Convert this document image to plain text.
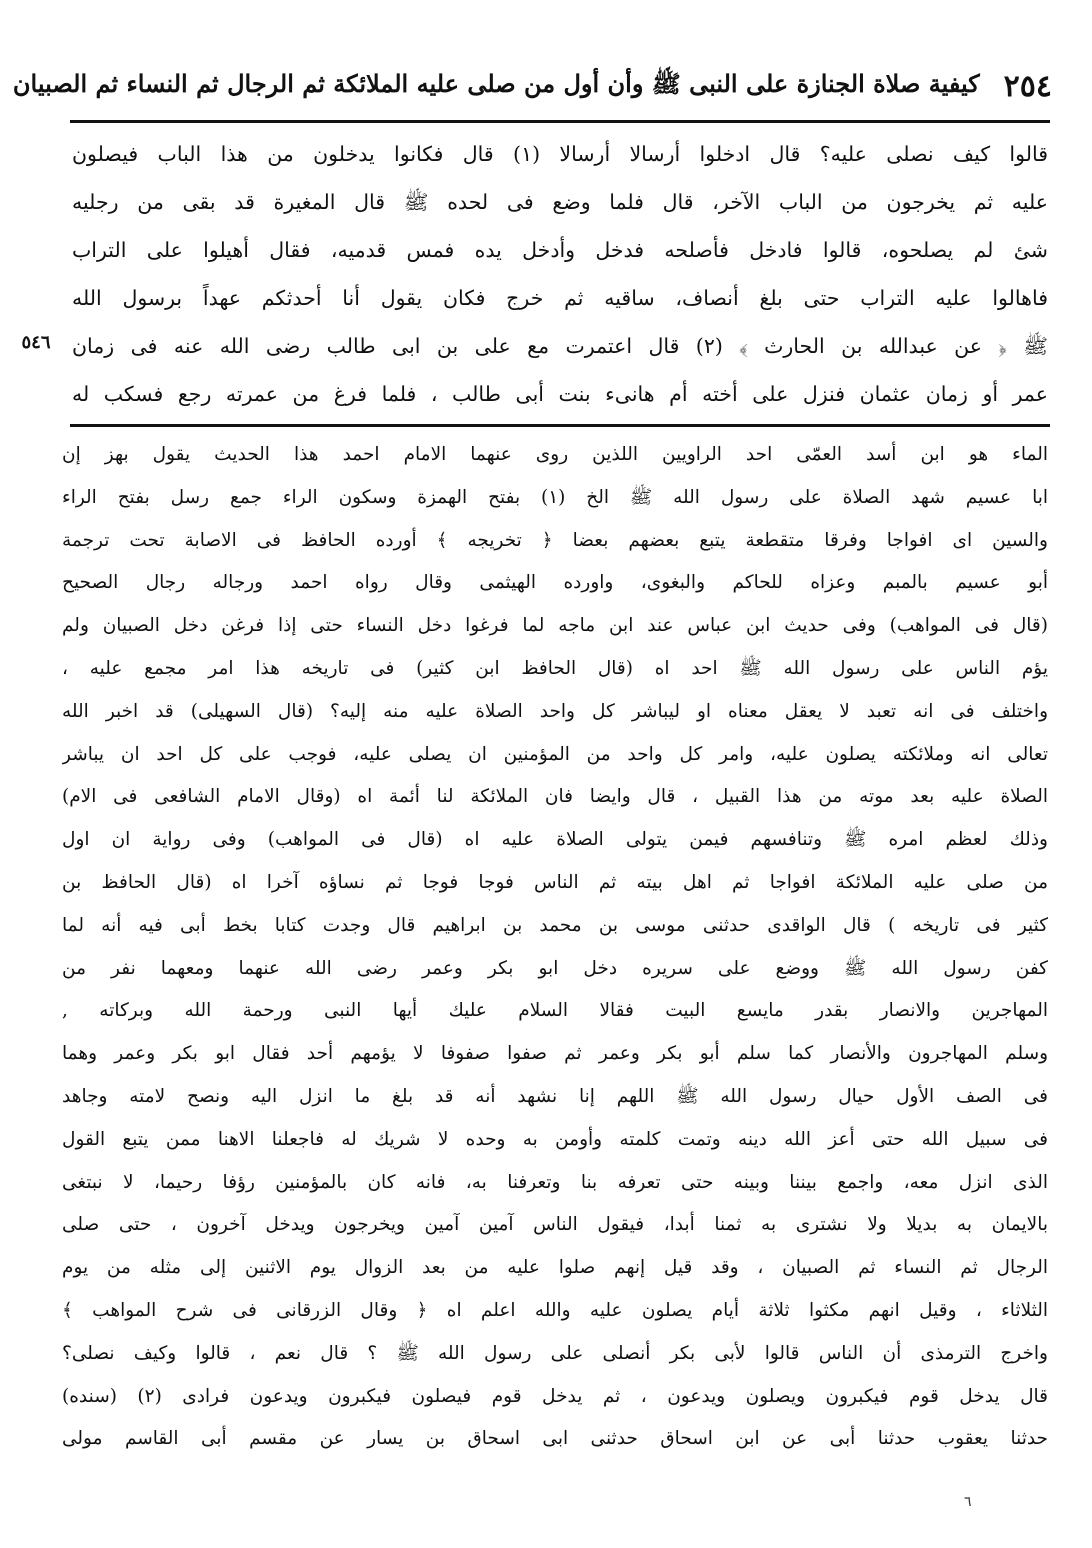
٢٥٤
كيفية صلاة الجنازة على النبى ﷺ وأن أول من صلى عليه الملائكة ثم الرجال ثم النساء ثم الصبيان
٥٤٦
قالوا كيف نصلى عليه؟ قال ادخلوا أرسالا أرسالا (١) قال فكانوا يدخلون من هذا الباب فيصلون
عليه ثم يخرجون من الباب الآخر، قال فلما وضع فى لحده ﷺ قال المغيرة قد بقى من رجليه
شئ لم يصلحوه، قالوا فادخل فأصلحه فدخل وأدخل يده فمس قدميه، فقال أهيلوا على التراب
فاهالوا عليه التراب حتى بلغ أنصاف، ساقيه ثم خرج فكان يقول أنا أحدثكم عهداً برسول الله
ﷺ ﴿ عن عبدالله بن الحارث ﴾ (٢) قال اعتمرت مع على بن ابى طالب رضى الله عنه فى زمان
عمر أو زمان عثمان فنزل على أخته أم هانىء بنت أبى طالب ، فلما فرغ من عمرته رجع فسكب له
الماء هو ابن أسد العمّى احد الراويين اللذين روى عنهما الامام احمد هذا الحديث يقول بهز إن
ابا عسيم شهد الصلاة على رسول الله ﷺ الخ (١) بفتح الهمزة وسكون الراء جمع رسل بفتح الراء
والسين اى افواجا وفرقا متقطعة يتبع بعضهم بعضا ﴿ تخريجه ﴾ أورده الحافظ فى الاصابة تحت ترجمة
أبو عسيم بالمبم وعزاه للحاكم والبغوى، واورده الهيثمى وقال رواه احمد ورجاله رجال الصحيح
(قال فى المواهب) وفى حديث ابن عباس عند ابن ماجه لما فرغوا دخل النساء حتى إذا فرغن دخل الصبيان ولم
يؤم الناس على رسول الله ﷺ احد اه (قال الحافظ ابن كثير) فى تاريخه هذا امر مجمع عليه ،
واختلف فى انه تعبد لا يعقل معناه او ليباشر كل واحد الصلاة عليه منه إليه؟ (قال السهيلى) قد اخبر الله
تعالى انه وملائكته يصلون عليه، وامر كل واحد من المؤمنين ان يصلى عليه، فوجب على كل احد ان يباشر
الصلاة عليه بعد موته من هذا القبيل ، قال وايضا فان الملائكة لنا أئمة اه (وقال الامام الشافعى فى الام)
وذلك لعظم امره ﷺ وتنافسهم فيمن يتولى الصلاة عليه اه (قال فى المواهب) وفى رواية ان اول
من صلى عليه الملائكة افواجا ثم اهل بيته ثم الناس فوجا فوجا ثم نساؤه آخرا اه (قال الحافظ بن
كثير فى تاريخه ) قال الواقدى حدثنى موسى بن محمد بن ابراهيم قال وجدت كتابا بخط أبى فيه أنه لما
كفن رسول الله ﷺ ووضع على سريره دخل ابو بكر وعمر رضى الله عنهما ومعهما نفر من
المهاجرين والانصار بقدر مايسع البيت فقالا السلام عليك أيها النبى ورحمة الله وبركاته ,
وسلم المهاجرون والأنصار كما سلم أبو بكر وعمر ثم صفوا صفوفا لا يؤمهم أحد فقال ابو بكر وعمر وهما
فى الصف الأول حيال رسول الله ﷺ اللهم إنا نشهد أنه قد بلغ ما انزل اليه ونصح لامته وجاهد
فى سبيل الله حتى أعز الله دينه وتمت كلمته وأومن به وحده لا شريك له فاجعلنا الاهنا ممن يتبع القول
الذى انزل معه، واجمع بيننا وبينه حتى تعرفه بنا وتعرفنا به، فانه كان بالمؤمنين رؤفا رحيما، لا نبتغى
بالايمان به بديلا ولا نشترى به ثمنا أبدا، فيقول الناس آمين آمين ويخرجون ويدخل آخرون ، حتى صلى
الرجال ثم النساء ثم الصبيان ، وقد قيل إنهم صلوا عليه من بعد الزوال يوم الاثنين إلى مثله من يوم
الثلاثاء ، وقيل انهم مكثوا ثلاثة أيام يصلون عليه والله اعلم اه ﴿ وقال الزرقانى فى شرح المواهب ﴾
واخرج الترمذى أن الناس قالوا لأبى بكر أنصلى على رسول الله ﷺ ؟ قال نعم ، قالوا وكيف نصلى؟
قال يدخل قوم فيكبرون ويصلون ويدعون ، ثم يدخل قوم فيصلون فيكبرون ويدعون فرادى (٢) (سنده)
حدثنا يعقوب حدثنا أبى عن ابن اسحاق حدثنى ابى اسحاق بن يسار عن مقسم أبى القاسم مولى
٦
